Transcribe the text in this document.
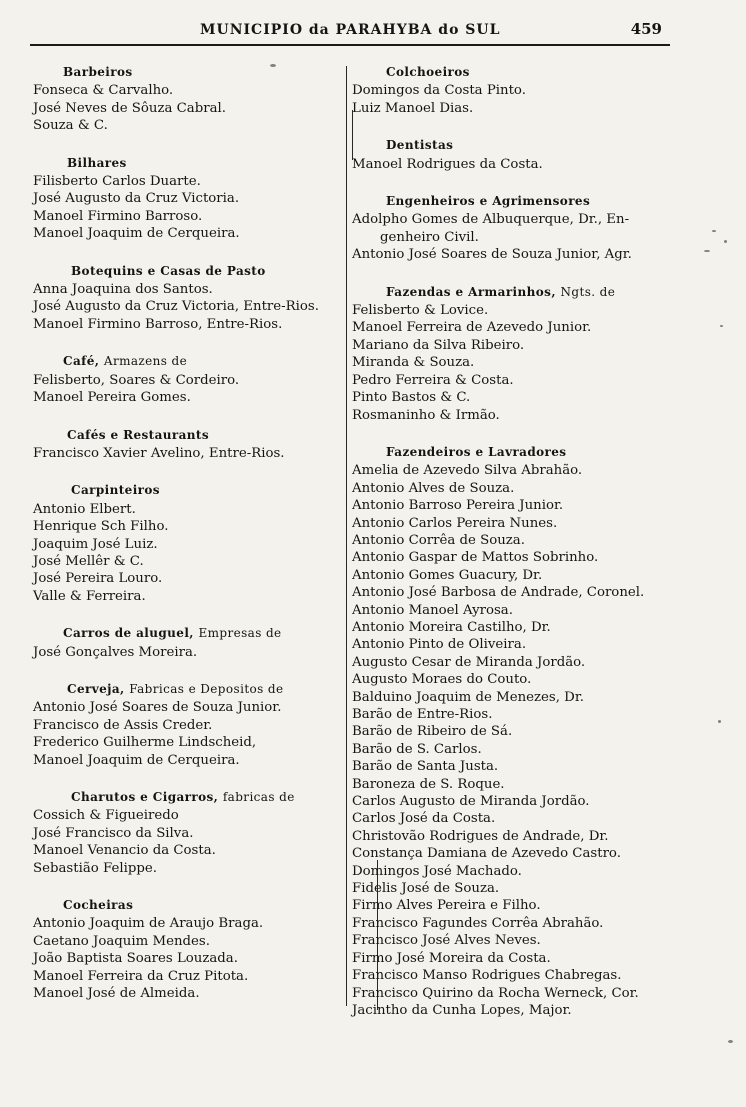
MUNICIPIO da PARAHYBA do SUL	459
Barbeiros
Fonseca & Carvalho.
José Neves de Sôuza Cabral.
Souza & C.
Bilhares
Filisberto Carlos Duarte.
José Augusto da Cruz Victoria.
Manoel Firmino Barroso.
Manoel Joaquim de Cerqueira.
Botequins e Casas de Pasto
Anna Joaquina dos Santos.
José Augusto da Cruz Victoria, Entre-Rios.
Manoel Firmino Barroso, Entre-Rios.
Café, Armazens de
Felisberto, Soares & Cordeiro.
Manoel Pereira Gomes.
Cafés e Restaurants
Francisco Xavier Avelino, Entre-Rios.
Carpinteiros
Antonio Elbert.
Henrique Sch Filho.
Joaquim José Luiz.
José Mellêr & C.
José Pereira Louro.
Valle & Ferreira.
Carros de aluguel, Empresas de
José Gonçalves Moreira.
Cerveja, Fabricas e Depositos de
Antonio José Soares de Souza Junior.
Francisco de Assis Creder.
Frederico Guilherme Lindscheid,
Manoel Joaquim de Cerqueira.
Charutos e Cigarros, fabricas de
Cossich & Figueiredo
José Francisco da Silva.
Manoel Venancio da Costa.
Sebastião Felippe.
Cocheiras
Antonio Joaquim de Araujo Braga.
Caetano Joaquim Mendes.
João Baptista Soares Louzada.
Manoel Ferreira da Cruz Pitota.
Manoel José de Almeida.
Colchoeiros
Domingos da Costa Pinto.
Luiz Manoel Dias.
Dentistas
Manoel Rodrigues da Costa.
Engenheiros e Agrimensores
Adolpho Gomes de Albuquerque, Dr., En-
genheiro Civil.
Antonio José Soares de Souza Junior, Agr.
Fazendas e Armarinhos, Ngts. de
Felisberto & Lovice.
Manoel Ferreira de Azevedo Junior.
Mariano da Silva Ribeiro.
Miranda & Souza.
Pedro Ferreira & Costa.
Pinto Bastos & C.
Rosmaninho & Irmão.
Fazendeiros e Lavradores
Amelia de Azevedo Silva Abrahão.
Antonio Alves de Souza.
Antonio Barroso Pereira Junior.
Antonio Carlos Pereira Nunes.
Antonio Corrêa de Souza.
Antonio Gaspar de Mattos Sobrinho.
Antonio Gomes Guacury, Dr.
Antonio José Barbosa de Andrade, Coronel.
Antonio Manoel Ayrosa.
Antonio Moreira Castilho, Dr.
Antonio Pinto de Oliveira.
Augusto Cesar de Miranda Jordão.
Augusto Moraes do Couto.
Balduino Joaquim de Menezes, Dr.
Barão de Entre-Rios.
Barão de Ribeiro de Sá.
Barão de S. Carlos.
Barão de Santa Justa.
Baroneza de S. Roque.
Carlos Augusto de Miranda Jordão.
Carlos José da Costa.
Christovão Rodrigues de Andrade, Dr.
Constança Damiana de Azevedo Castro.
Domingos José Machado.
Fidelis José de Souza.
Firmo Alves Pereira e Filho.
Francisco Fagundes Corrêa Abrahão.
Francisco José Alves Neves.
Firmo José Moreira da Costa.
Francisco Manso Rodrigues Chabregas.
Francisco Quirino da Rocha Werneck, Cor.
Jacintho da Cunha Lopes, Major.
